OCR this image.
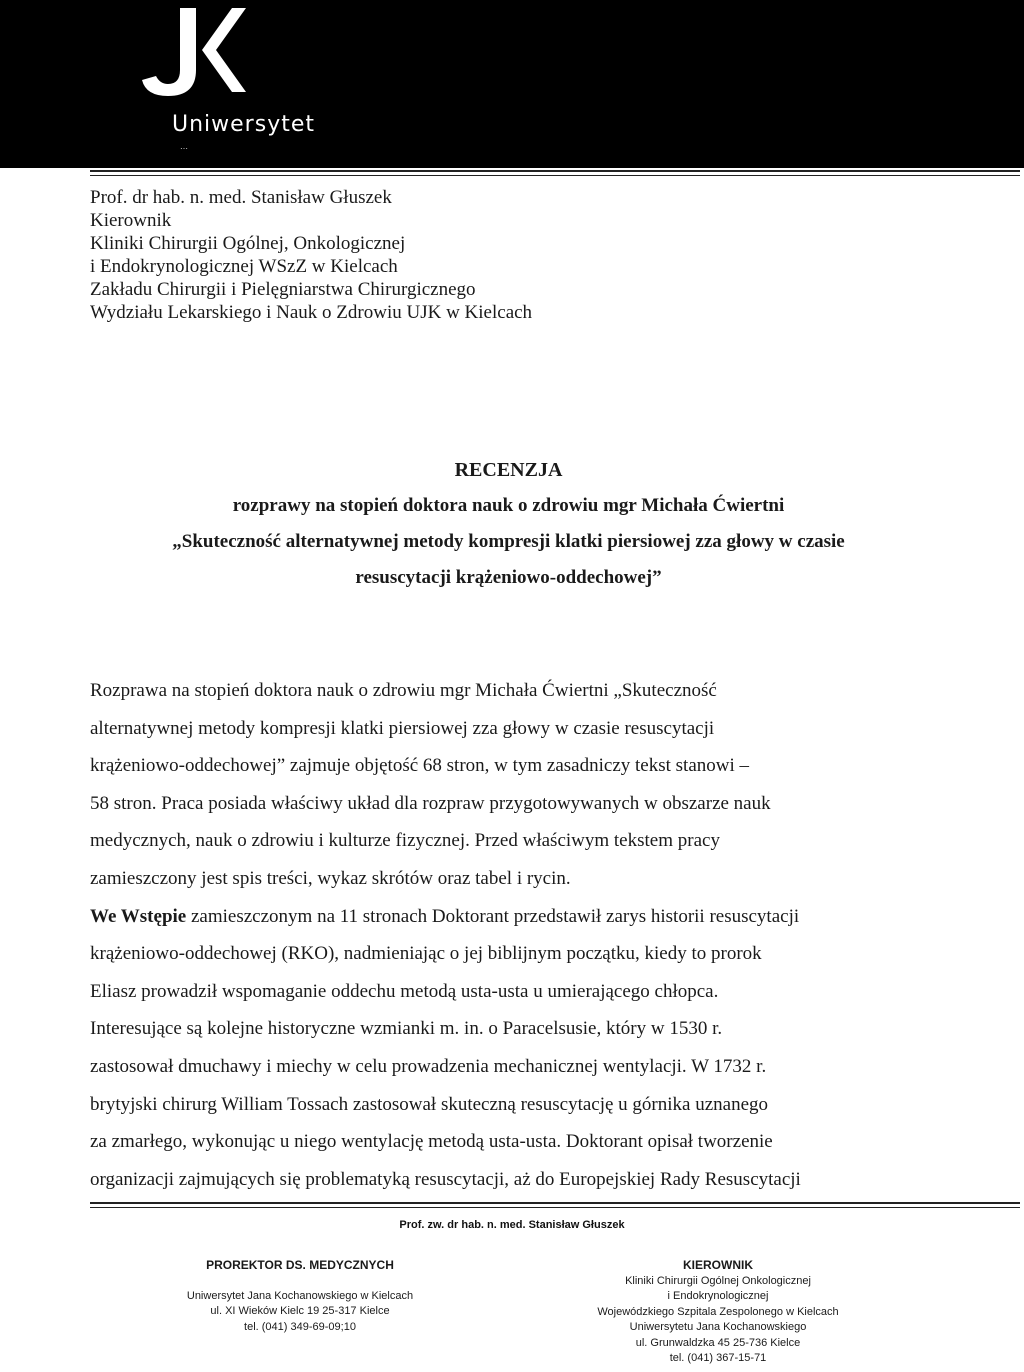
Uniwersytet
…
Prof. dr hab. n. med. Stanisław Głuszek
Kierownik
Kliniki Chirurgii Ogólnej, Onkologicznej
i Endokrynologicznej WSzZ w Kielcach
Zakładu Chirurgii i Pielęgniarstwa Chirurgicznego
Wydziału Lekarskiego i Nauk o Zdrowiu UJK w Kielcach
RECENZJA
rozprawy na stopień doktora nauk o zdrowiu mgr Michała Ćwiertni
„Skuteczność alternatywnej metody kompresji klatki piersiowej zza głowy w czasie
resuscytacji krążeniowo-oddechowej”
Rozprawa na stopień doktora nauk o zdrowiu mgr Michała Ćwiertni „Skuteczność
alternatywnej metody kompresji klatki piersiowej zza głowy w czasie resuscytacji
krążeniowo-oddechowej” zajmuje objętość 68 stron, w tym zasadniczy tekst stanowi –
58 stron. Praca posiada właściwy układ dla rozpraw przygotowywanych w obszarze nauk
medycznych, nauk o zdrowiu i kulturze fizycznej. Przed właściwym tekstem pracy
zamieszczony jest spis treści, wykaz skrótów oraz tabel i rycin.
We Wstępie zamieszczonym na 11 stronach Doktorant przedstawił zarys historii resuscytacji
krążeniowo-oddechowej (RKO), nadmieniając o jej biblijnym początku, kiedy to prorok
Eliasz prowadził wspomaganie oddechu metodą usta-usta u umierającego chłopca.
Interesujące są kolejne historyczne wzmianki m. in. o Paracelsusie, który w 1530 r.
zastosował dmuchawy i miechy w celu prowadzenia mechanicznej wentylacji. W 1732 r.
brytyjski chirurg William Tossach zastosował skuteczną resuscytację u górnika uznanego
za zmarłego, wykonując u niego wentylację metodą usta-usta. Doktorant opisał tworzenie
organizacji zajmujących się problematyką resuscytacji, aż do Europejskiej Rady Resuscytacji
Prof. zw. dr hab. n. med. Stanisław Głuszek
PROREKTOR DS. MEDYCZNYCH
Uniwersytet Jana Kochanowskiego w Kielcach
ul. XI Wieków Kielc 19 25-317 Kielce
tel. (041) 349-69-09;10
KIEROWNIK
Kliniki Chirurgii Ogólnej Onkologicznej
i Endokrynologicznej
Wojewódzkiego Szpitala Zespolonego w Kielcach
Uniwersytetu Jana Kochanowskiego
ul. Grunwaldzka 45 25-736 Kielce
tel. (041) 367-15-71
